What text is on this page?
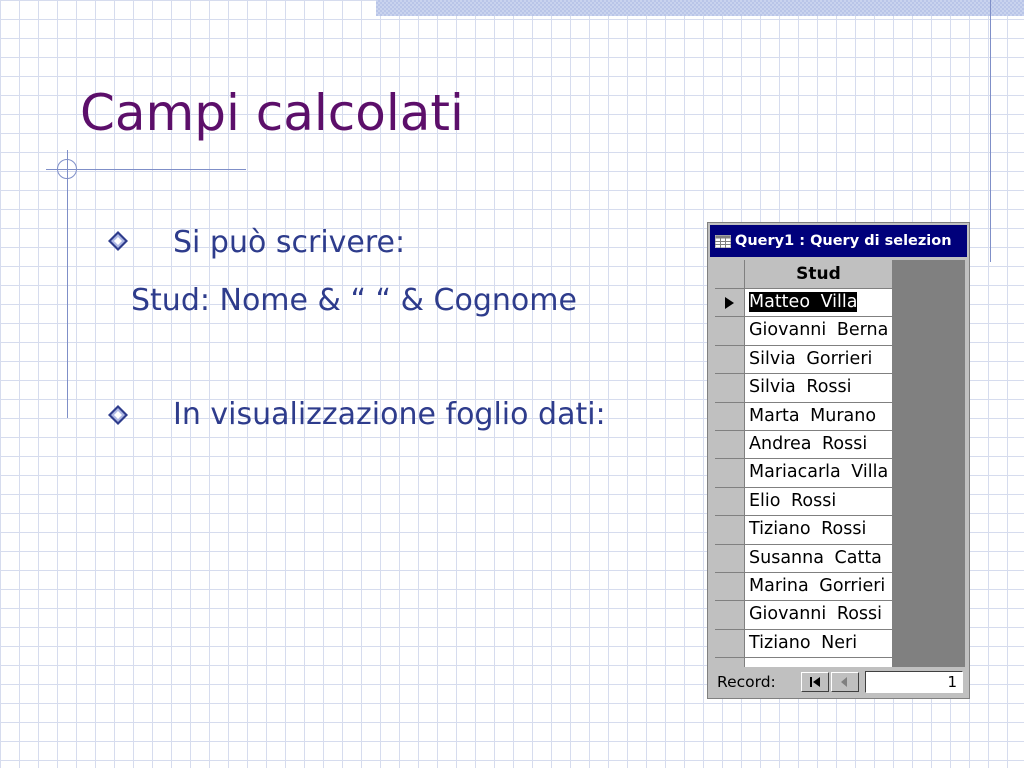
Campi calcolati
Si può scrivere:
Stud: Nome & “ “ & Cognome
In visualizzazione foglio dati:
Query1 : Query di selezion
Stud
Matteo Villa
Giovanni Berna
Silvia Gorrieri
Silvia Rossi
Marta Murano
Andrea Rossi
Mariacarla Villa
Elio Rossi
Tiziano Rossi
Susanna Catta
Marina Gorrieri
Giovanni Rossi
Tiziano Neri
Record:	1
